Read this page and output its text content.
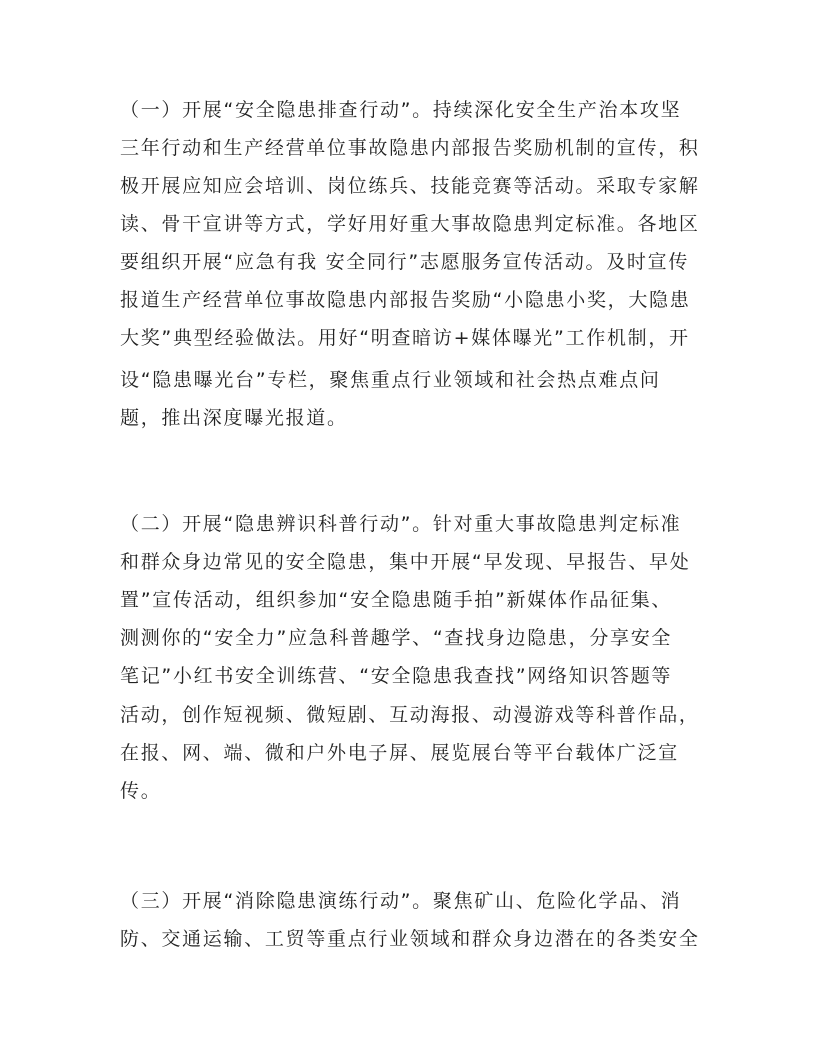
（一）开展“安全隐患排查行动”。持续深化安全生产治本攻坚
三年行动和生产经营单位事故隐患内部报告奖励机制的宣传，积
极开展应知应会培训、岗位练兵、技能竞赛等活动。采取专家解
读、骨干宣讲等方式，学好用好重大事故隐患判定标准。各地区
要组织开展“应急有我 安全同行”志愿服务宣传活动。及时宣传
报道生产经营单位事故隐患内部报告奖励“小隐患小奖，大隐患
大奖”典型经验做法。用好“明查暗访+媒体曝光”工作机制，开
设“隐患曝光台”专栏，聚焦重点行业领域和社会热点难点问
题，推出深度曝光报道。
（二）开展“隐患辨识科普行动”。针对重大事故隐患判定标准
和群众身边常见的安全隐患，集中开展“早发现、早报告、早处
置”宣传活动，组织参加“安全隐患随手拍”新媒体作品征集、
测测你的“安全力”应急科普趣学、“查找身边隐患，分享安全
笔记”小红书安全训练营、“安全隐患我查找”网络知识答题等
活动，创作短视频、微短剧、互动海报、动漫游戏等科普作品，
在报、网、端、微和户外电子屏、展览展台等平台载体广泛宣
传。
（三）开展“消除隐患演练行动”。聚焦矿山、危险化学品、消
防、交通运输、工贸等重点行业领域和群众身边潜在的各类安全
